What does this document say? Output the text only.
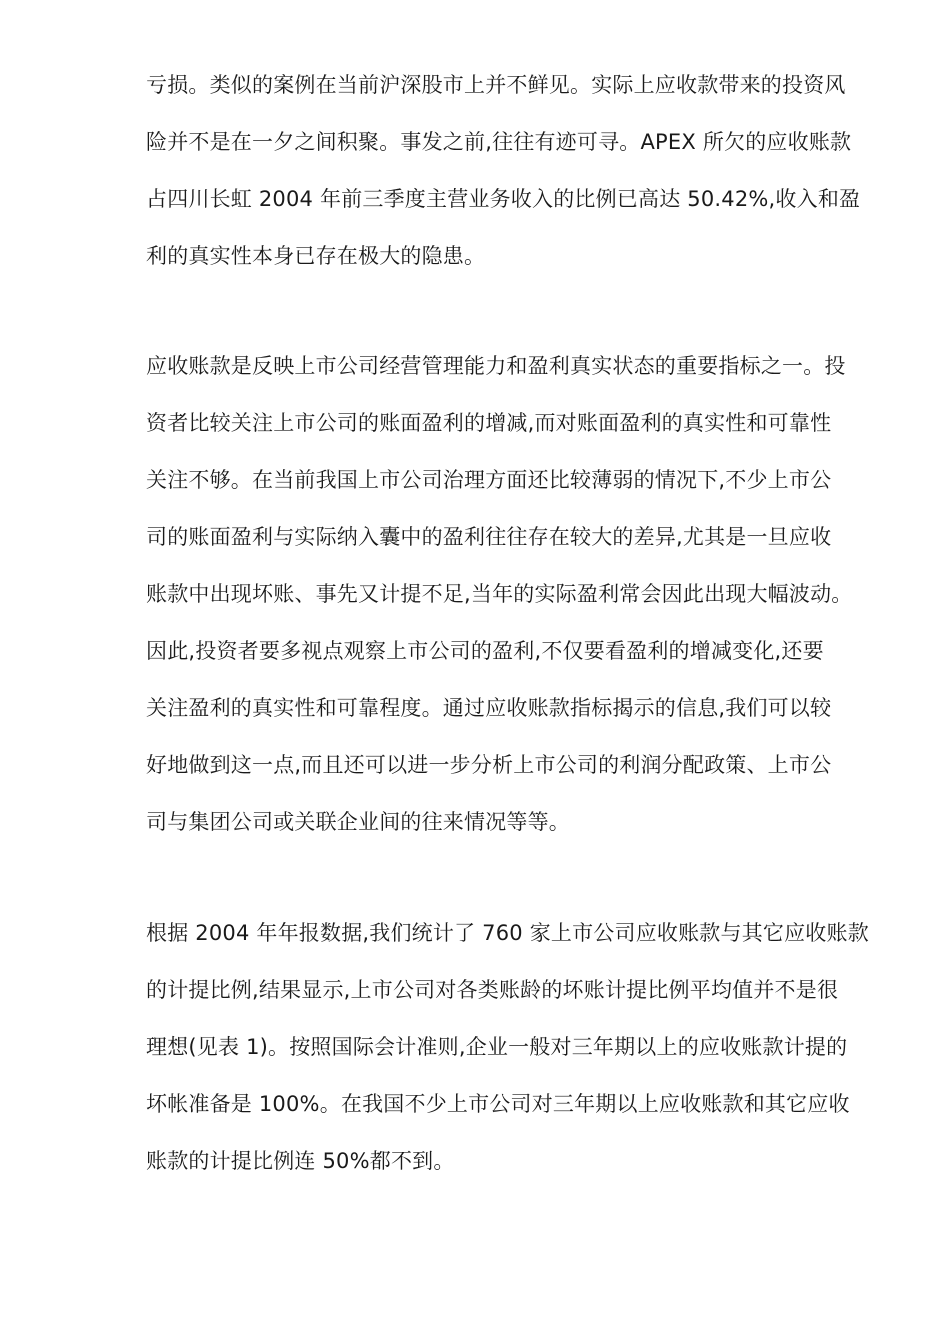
亏损。类似的案例在当前沪深股市上并不鲜见。实际上应收款带来的投资风
险并不是在一夕之间积聚。事发之前,往往有迹可寻。APEX 所欠的应收账款
占四川长虹 2004 年前三季度主营业务收入的比例已高达 50.42%,收入和盈
利的真实性本身已存在极大的隐患。
应收账款是反映上市公司经营管理能力和盈利真实状态的重要指标之一。投
资者比较关注上市公司的账面盈利的增减,而对账面盈利的真实性和可靠性
关注不够。在当前我国上市公司治理方面还比较薄弱的情况下,不少上市公
司的账面盈利与实际纳入囊中的盈利往往存在较大的差异,尤其是一旦应收
账款中出现坏账、事先又计提不足,当年的实际盈利常会因此出现大幅波动。
因此,投资者要多视点观察上市公司的盈利,不仅要看盈利的增减变化,还要
关注盈利的真实性和可靠程度。通过应收账款指标揭示的信息,我们可以较
好地做到这一点,而且还可以进一步分析上市公司的利润分配政策、上市公
司与集团公司或关联企业间的往来情况等等。
根据 2004 年年报数据,我们统计了 760 家上市公司应收账款与其它应收账款
的计提比例,结果显示,上市公司对各类账龄的坏账计提比例平均值并不是很
理想(见表 1)。按照国际会计准则,企业一般对三年期以上的应收账款计提的
坏帐准备是 100%。在我国不少上市公司对三年期以上应收账款和其它应收
账款的计提比例连 50%都不到。
